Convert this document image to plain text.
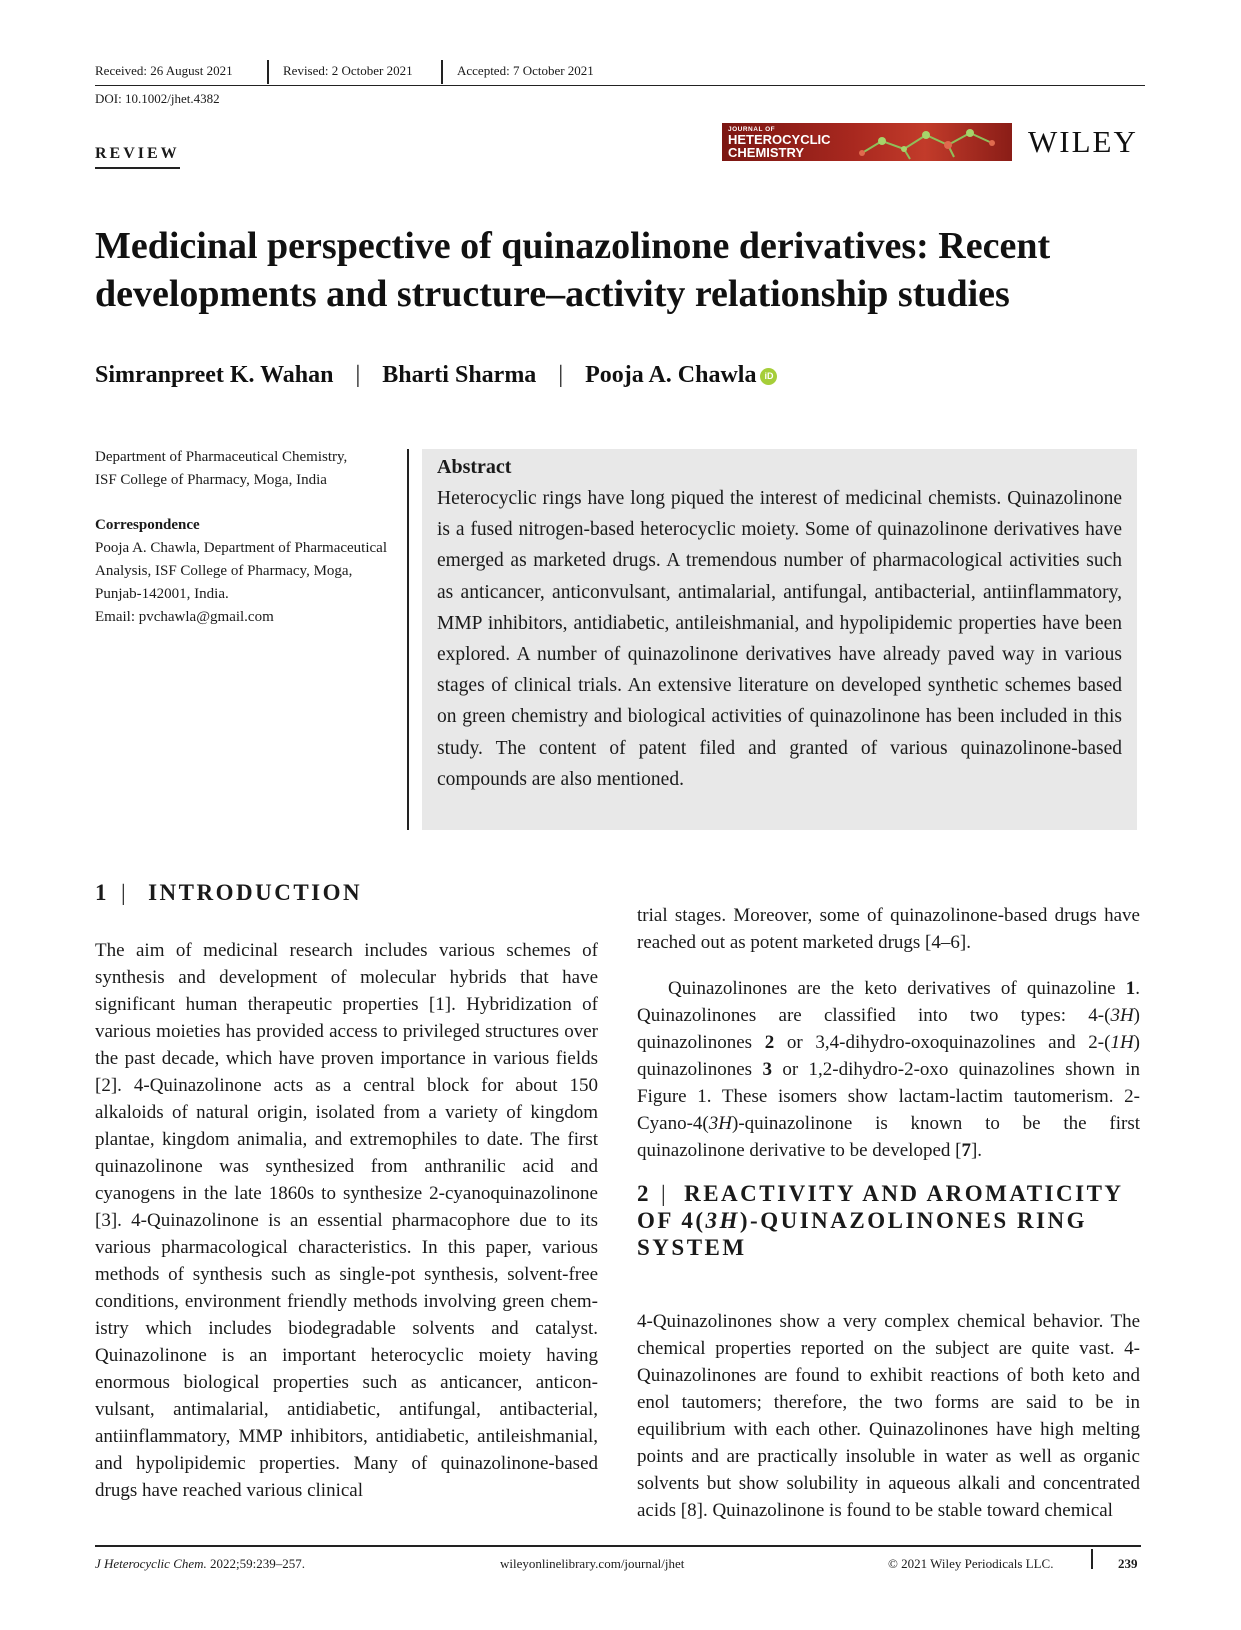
Received: 26 August 2021	Revised: 2 October 2021	Accepted: 7 October 2021
DOI: 10.1002/jhet.4382
REVIEW
JOURNAL OF
HETEROCYCLIC
CHEMISTRY	WILEY
Medicinal perspective of quinazolinone derivatives: Recent developments and structure–activity relationship studies
Simranpreet K. Wahan | Bharti Sharma | Pooja A. Chawla iD

Department of Pharmaceutical Chemistry,

ISF College of Pharmacy, Moga, India

Correspondence

Pooja A. Chawla, Department of Pharmaceutical Analysis, ISF College of Pharmacy, Moga, Punjab-142001, India.

Email: pvchawla@gmail.com

Abstract
Heterocyclic rings have long piqued the interest of medicinal chemists. Quinazolinone is a fused nitrogen-based heterocyclic moiety. Some of quinazolinone derivatives have emerged as marketed drugs. A tremendous number of pharmacological activities such as anticancer, anticonvulsant, antimalarial, antifungal, antibacterial, antiinflammatory, MMP inhibitors, antidiabetic, antileishmanial, and hypolipidemic properties have been explored. A number of quinazolinone derivatives have already paved way in various stages of clinical trials. An extensive literature on developed synthetic schemes based on green chemistry and biological activities of quinazolinone has been included in this study. The content of patent filed and granted of various quinazolinone-based compounds are also mentioned.
1 | INTRODUCTION

The aim of medicinal research includes various schemes of synthesis and development of molecular hybrids that have significant human therapeutic properties [1]. Hybridization of various moieties has provided access to privileged structures over the past decade, which have proven importance in various fields [2]. 4-Quinazolinone acts as a central block for about 150 alkaloids of natural origin, isolated from a variety of kingdom plantae, kingdom animalia, and extremophiles to date. The first quinazolinone was synthesized from anthranilic acid and cyanogens in the late 1860s to synthesize 2-cyanoquinazolinone [3]. 4-Quinazolinone is an essential pharmacophore due to its various pharmacological characteristics. In this paper, various methods of synthesis such as single-pot synthesis, solvent-free conditions, environment friendly methods involving green chemistry which includes biodegradable solvents and catalyst. Quinazolinone is an important heterocyclic moiety having enormous biological properties such as anticancer, anticonvulsant, antimalarial, antidiabetic, antifungal, antibacterial, antiinflammatory, MMP inhibitors, antidiabetic, antileishmanial, and hypolipidemic properties. Many of quinazolinone-based drugs have reached various clinical

trial stages. Moreover, some of quinazolinone-based drugs have reached out as potent marketed drugs [4–6].

Quinazolinones are the keto derivatives of quinazoline 1. Quinazolinones are classified into two types: 4-(3H) quinazolinones 2 or 3,4-dihydro-oxoquinazolines and 2-(1H) quinazolinones 3 or 1,2-dihydro-2-oxo quinazolines shown in Figure 1. These isomers show lactam-lactim tautomerism. 2-Cyano-4(3H)-quinazolinone is known to be the first quinazolinone derivative to be developed [7].

2 | REACTIVITY AND AROMATICITY OF 4(3H)-QUINAZOLINONES RING SYSTEM

4-Quinazolinones show a very complex chemical behavior. The chemical properties reported on the subject are quite vast. 4-Quinazolinones are found to exhibit reactions of both keto and enol tautomers; therefore, the two forms are said to be in equilibrium with each other. Quinazolinones have high melting points and are practically insoluble in water as well as organic solvents but show solubility in aqueous alkali and concentrated acids [8]. Quinazolinone is found to be stable toward chemical

J Heterocyclic Chem. 2022;59:239–257.	wileyonlinelibrary.com/journal/jhet	© 2021 Wiley Periodicals LLC.	239
